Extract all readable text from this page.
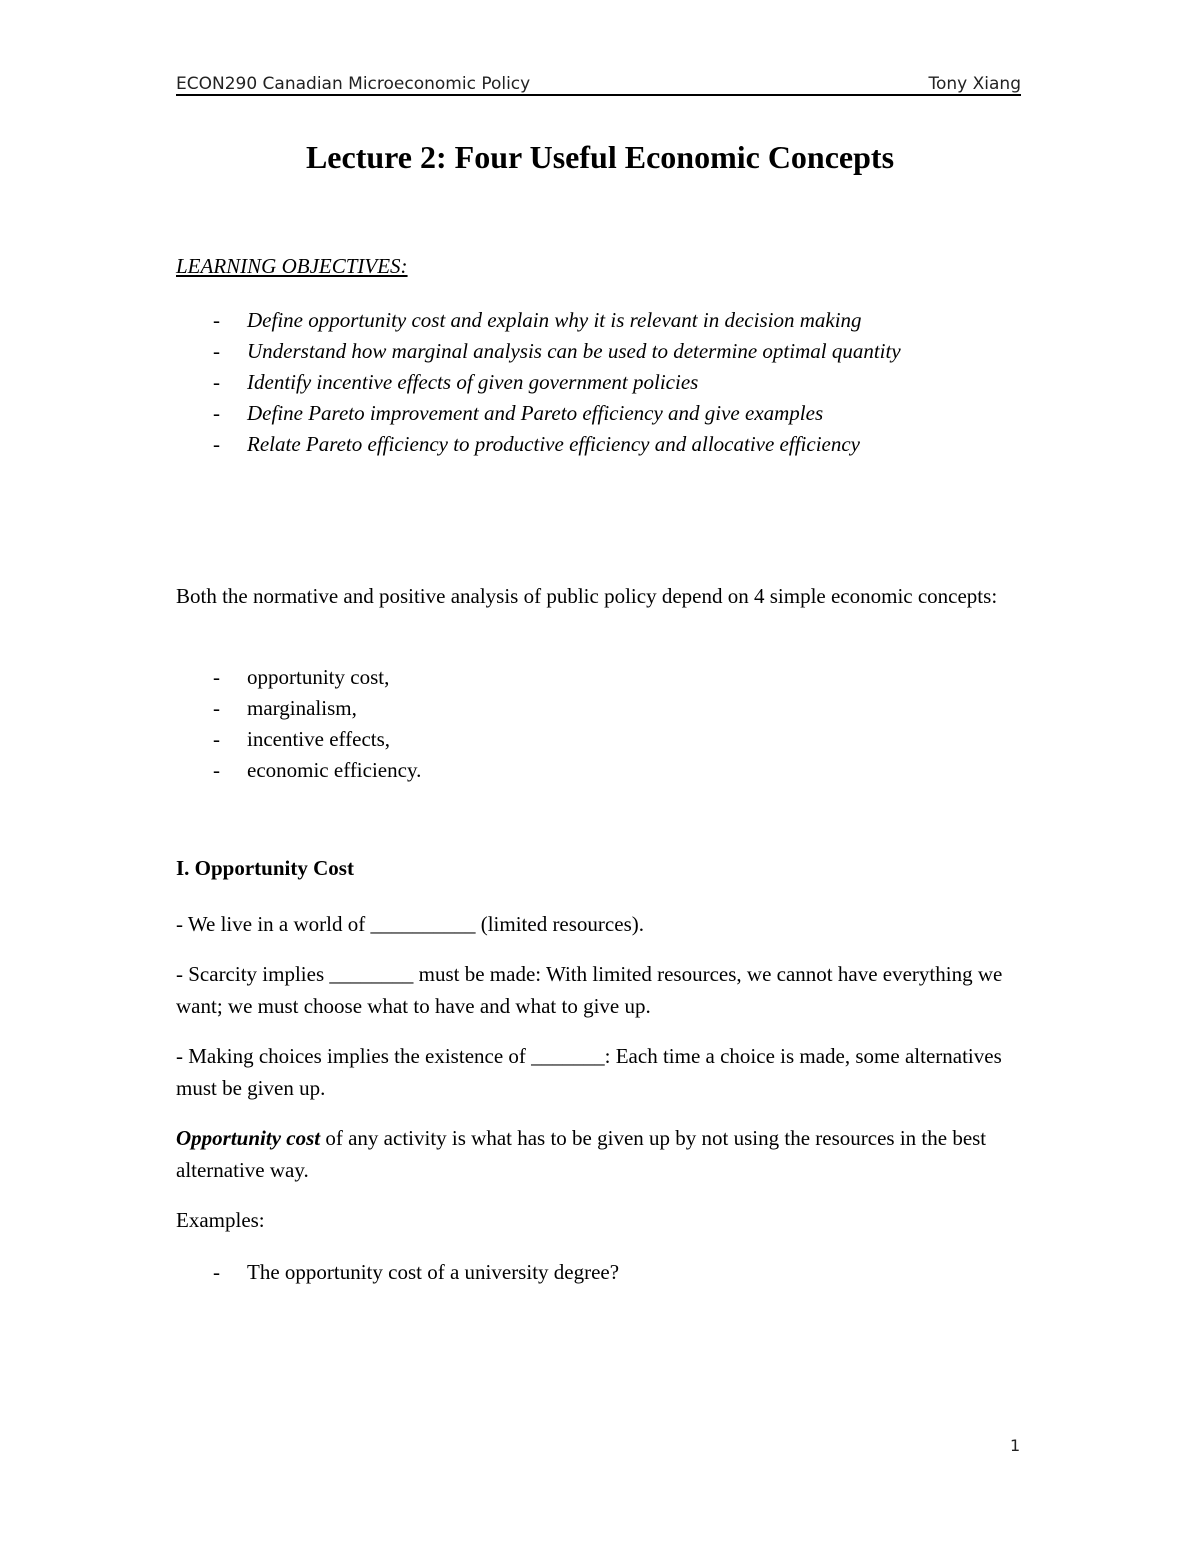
ECON290 Canadian Microeconomic Policy	Tony Xiang
Lecture 2: Four Useful Economic Concepts
LEARNING OBJECTIVES:
- Define opportunity cost and explain why it is relevant in decision making
- Understand how marginal analysis can be used to determine optimal quantity
- Identify incentive effects of given government policies
- Define Pareto improvement and Pareto efficiency and give examples
- Relate Pareto efficiency to productive efficiency and allocative efficiency

Both the normative and positive analysis of public policy depend on 4 simple economic concepts:

- opportunity cost,
- marginalism,
- incentive effects,
- economic efficiency.
I. Opportunity Cost

- We live in a world of __________ (limited resources).

- Scarcity implies ________ must be made: With limited resources, we cannot have everything we want; we must choose what to have and what to give up.

- Making choices implies the existence of _______: Each time a choice is made, some alternatives must be given up.

Opportunity cost of any activity is what has to be given up by not using the resources in the best alternative way.

Examples:

- The opportunity cost of a university degree?
1
